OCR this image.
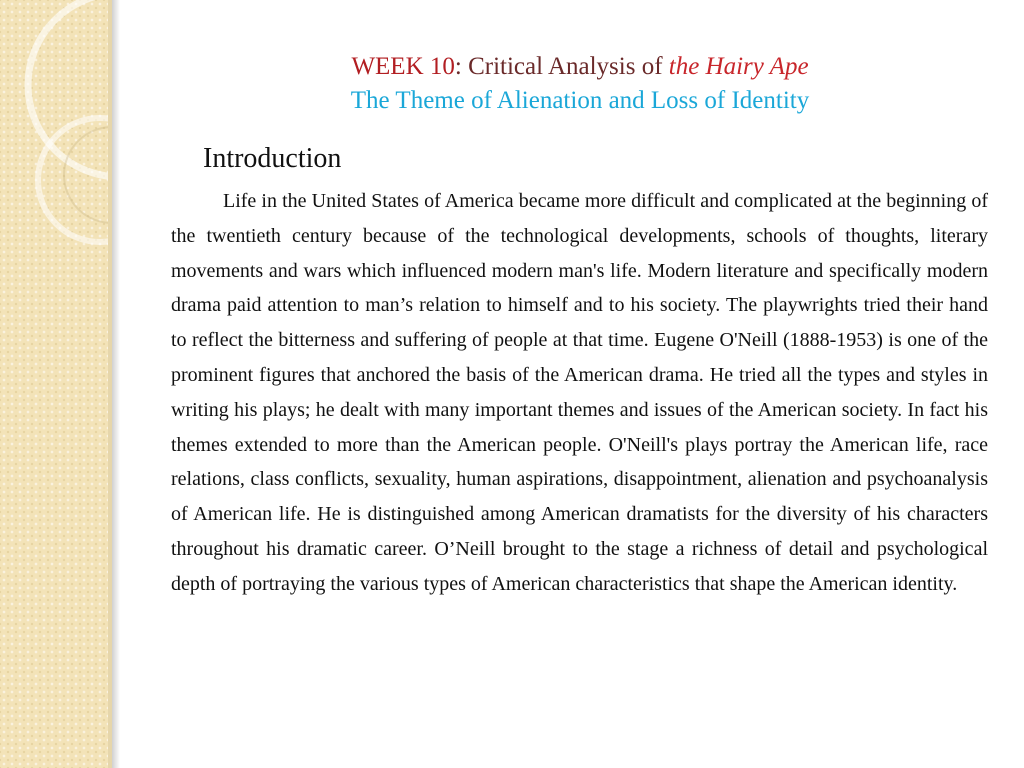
WEEK 10: Critical Analysis of the Hairy Ape
The Theme of Alienation and Loss of Identity
Introduction

Life in the United States of America became more difficult and complicated at the beginning of the twentieth century because of the technological developments, schools of thoughts, literary movements and wars which influenced modern man's life. Modern literature and specifically modern drama paid attention to man’s relation to himself and to his society. The playwrights tried their hand to reflect the bitterness and suffering of people at that time. Eugene O'Neill (1888-1953) is one of the prominent figures that anchored the basis of the American drama. He tried all the types and styles in writing his plays; he dealt with many important themes and issues of the American society. In fact his themes extended to more than the American people. O'Neill's plays portray the American life, race relations, class conflicts, sexuality, human aspirations, disappointment, alienation and psychoanalysis of American life. He is distinguished among American dramatists for the diversity of his characters throughout his dramatic career. O’Neill brought to the stage a richness of detail and psychological depth of portraying the various types of American characteristics that shape the American identity.
